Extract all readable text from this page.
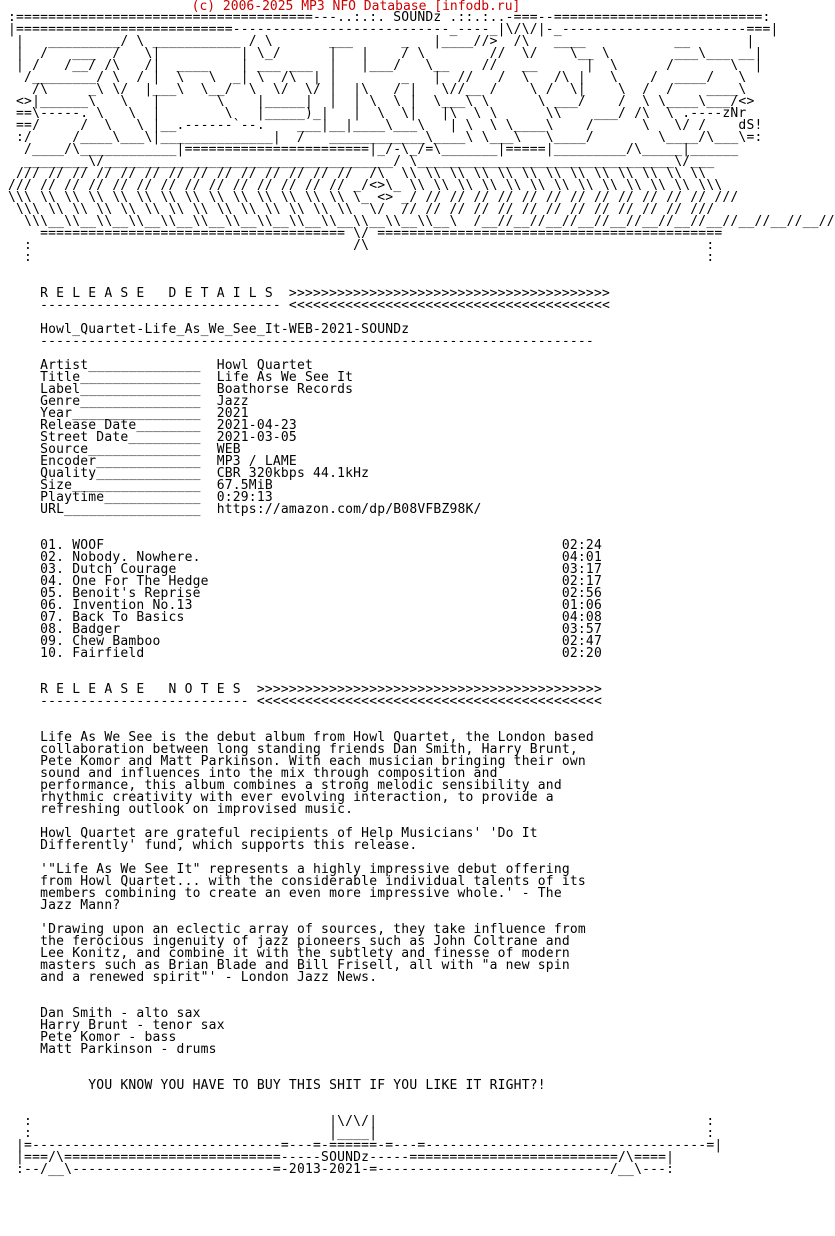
(c) 2006-2025 MP3 NFO Database [infodb.ru]
:=====================================---..:.:. SOUNDz .::.:..-===--==========================:
|===========================---------------------------_----_|\/\/|-_-----------------------===|
|   _________/ \ ___________ / \       ___      _   |____//>  /\   ____           __       |
|  /   ___  /   \|          | \_/      |   |    / \        //  \/    \__ \        ___\___ __|
| /   /__/ /\   /|  ____    | ___ ___  |   |___/   \__    //   __      |  \      /       \  |
/________/ \  / |  \   \  _| \  /\  | |        _   |  //   /  \   /\ |   \    /  ____/   \
/\     _\ \/  |___\  \__/  \  \/  \/ |  |\   / |   \//__ /    \ /  \|    \  /  /    ____\
<>|______\   \   |       \    |_____|  |  | \  \ |  \___\ \      \ ___/    /  \ \____\___/<>
==\-----. \   \  |        \   |_____)_|   |  \  \|   |\  \ \      \\    ___/ /\  \ .----zNr
==/     /  \   \ |__.------`--.    ___|__|____\___\   | \  \ \____\    /      \   \/ /    dS!
:/     /____\___\|______________|  /   ____________\____\ \___\   \____/        \____/\___\=:
/____/\____________|=======================|_/-\_/=\_______|=====|_________/\_____|______
________\/____________________________________/ \________________________________\/___
/// // // // // // // // // // // // // //  /\  \\ \\ \\ \\ \\ \\ \\ \\ \\ \\ \\ \\ \\
/// // // // // // // // // // // // // // _/<>\_ \\ \\ \\ \\ \\ \\ \\ \\ \\ \\ \\ \\ \\\
\\\ \\ \\ \\ \\ \\ \\ \\ \\ \\ \\ \\ \\ \\ \_ <> _/ // // // // // // // // // // // // ///
\\\ \\ \\ \\ \\ \\ \\ \\ \\ \\ \\ \\ \\ \\  \/  // // // // // // // // // // // // ///
\\\__\\__\\__\\__\\__\\__\\__\\__\\__\\__\\__\\__\\__\  /__//__//__//__//__//__//__//__//__//__//__//
====================================== \/ ===========================================
:                                        /\                                          :
:                                                                                    :

R E L E A S E   D E T A I L S  >>>>>>>>>>>>>>>>>>>>>>>>>>>>>>>>>>>>>>>>
------------------------------ <<<<<<<<<<<<<<<<<<<<<<<<<<<<<<<<<<<<<<<<

Howl_Quartet-Life_As_We_See_It-WEB-2021-SOUNDz
---------------------------------------------------------------------

Artist______________  Howl Quartet
Title_______________  Life As We See It
Label_______________  Boathorse Records
Genre_______________  Jazz
Year________________  2021
Release Date________  2021-04-23
Street Date_________  2021-03-05
Source______________  WEB
Encoder_____________  MP3 / LAME
Quality_____________  CBR 320kbps 44.1kHz
Size________________  67.5MiB
Playtime____________  0:29:13
URL_________________  https://amazon.com/dp/B08VFBZ98K/

01. WOOF                                                         02:24
02. Nobody. Nowhere.                                             04:01
03. Dutch Courage                                                03:17
04. One For The Hedge                                            02:17
05. Benoit's Reprise                                             02:56
06. Invention No.13                                              01:06
07. Back To Basics                                               04:08
08. Badger                                                       03:57
09. Chew Bamboo                                                  02:47
10. Fairfield                                                    02:20

R E L E A S E   N O T E S  >>>>>>>>>>>>>>>>>>>>>>>>>>>>>>>>>>>>>>>>>>>
-------------------------- <<<<<<<<<<<<<<<<<<<<<<<<<<<<<<<<<<<<<<<<<<<

Life As We See is the debut album from Howl Quartet, the London based
collaboration between long standing friends Dan Smith, Harry Brunt,
Pete Komor and Matt Parkinson. With each musician bringing their own
sound and influences into the mix through composition and
performance, this album combines a strong melodic sensibility and
rhythmic creativity with ever evolving interaction, to provide a
refreshing outlook on improvised music.

Howl Quartet are grateful recipients of Help Musicians' 'Do It
Differently' fund, which supports this release.

'"Life As We See It" represents a highly impressive debut offering
from Howl Quartet... with the considerable individual talents of its
members combining to create an even more impressive whole.' - The
Jazz Mann?

'Drawing upon an eclectic array of sources, they take influence from
the ferocious ingenuity of jazz pioneers such as John Coltrane and
Lee Konitz, and combine it with the subtlety and finesse of modern
masters such as Brian Blade and Bill Frisell, all with "a new spin
and a renewed spirit"' - London Jazz News.

Dan Smith - alto sax
Harry Brunt - tenor sax
Pete Komor - bass
Matt Parkinson - drums

YOU KNOW YOU HAVE TO BUY THIS SHIT IF YOU LIKE IT RIGHT?!

:                                     |\/\/|                                         :
:                                     |____|                                         :
|=-------------------------------=---=-======-=---=-----------------------------------=|
|===/\===========================-----SOUNDz-----==========================/\====|
:--/__\-------------------------=-2013-2021-=-----------------------------/__\---:
